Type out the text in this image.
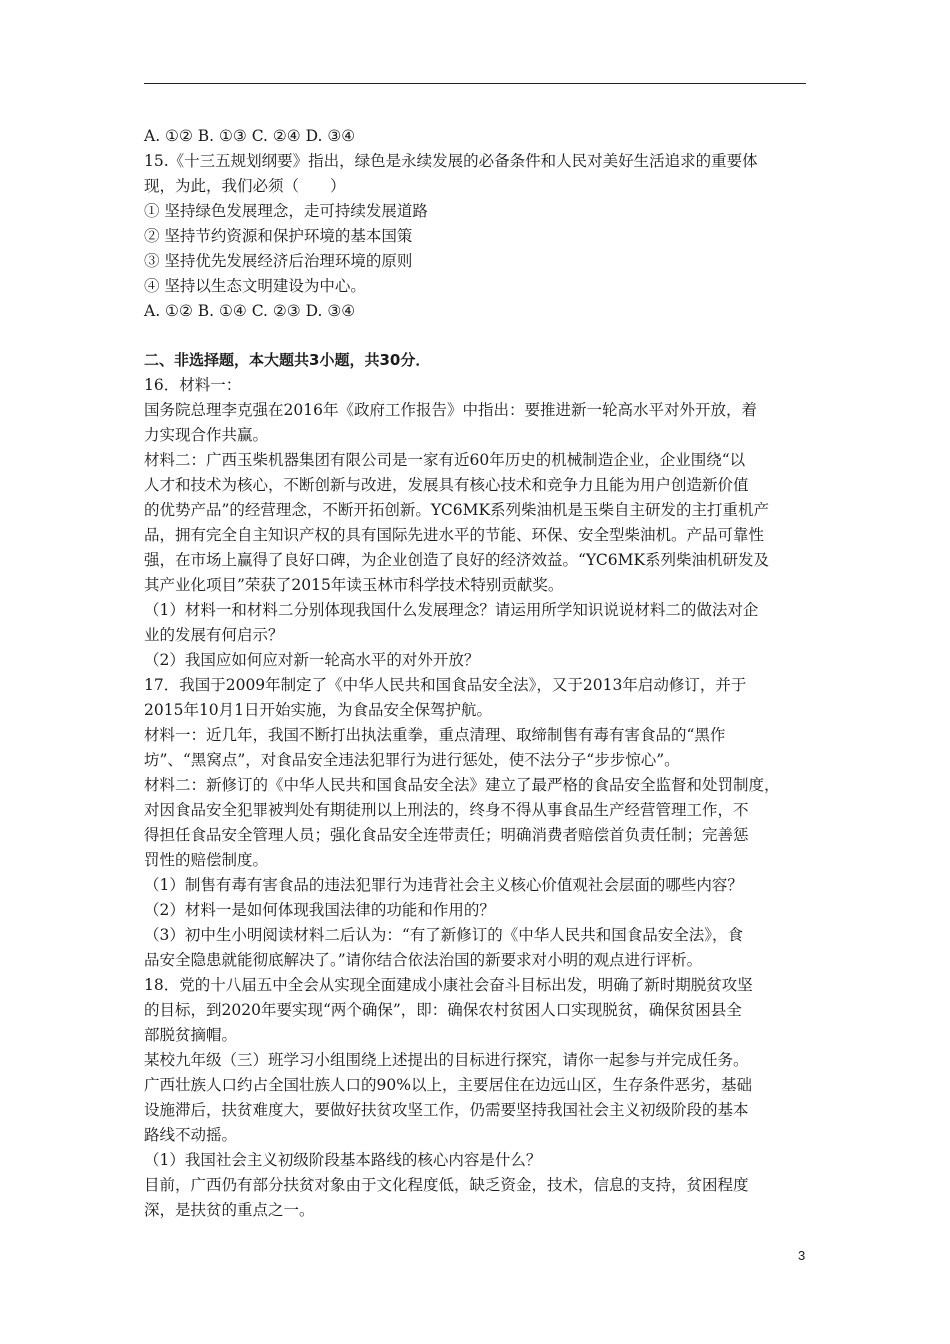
A. ①② B. ①③ C. ②④ D. ③④
15.《十三五规划纲要》指出，绿色是永续发展的必备条件和人民对美好生活追求的重要体
现，为此，我们必须（　　）
① 坚持绿色发展理念，走可持续发展道路
② 坚持节约资源和保护环境的基本国策
③ 坚持优先发展经济后治理环境的原则
④ 坚持以生态文明建设为中心。
A. ①② B. ①④ C. ②③ D. ③④
二、非选择题，本大题共3小题，共30分．
16．材料一：
国务院总理李克强在2016年《政府工作报告》中指出：要推进新一轮高水平对外开放，着
力实现合作共赢。
材料二：广西玉柴机器集团有限公司是一家有近60年历史的机械制造企业，企业围绕“以
人才和技术为核心，不断创新与改进，发展具有核心技术和竞争力且能为用户创造新价值
的优势产品”的经营理念，不断开拓创新。YC6MK系列柴油机是玉柴自主研发的主打重机产
品，拥有完全自主知识产权的具有国际先进水平的节能、环保、安全型柴油机。产品可靠性
强，在市场上赢得了良好口碑，为企业创造了良好的经济效益。“YC6MK系列柴油机研发及
其产业化项目”荣获了2015年读玉林市科学技术特别贡献奖。
（1）材料一和材料二分别体现我国什么发展理念？请运用所学知识说说材料二的做法对企
业的发展有何启示？
（2）我国应如何应对新一轮高水平的对外开放？
17．我国于2009年制定了《中华人民共和国食品安全法》，又于2013年启动修订，并于
2015年10月1日开始实施，为食品安全保驾护航。
材料一：近几年，我国不断打出执法重拳，重点清理、取缔制售有毒有害食品的“黑作
坊”、“黑窝点”，对食品安全违法犯罪行为进行惩处，使不法分子“步步惊心”。
材料二：新修订的《中华人民共和国食品安全法》建立了最严格的食品安全监督和处罚制度，
对因食品安全犯罪被判处有期徒刑以上刑法的，终身不得从事食品生产经营管理工作，不
得担任食品安全管理人员；强化食品安全连带责任；明确消费者赔偿首负责任制；完善惩
罚性的赔偿制度。
（1）制售有毒有害食品的违法犯罪行为违背社会主义核心价值观社会层面的哪些内容？
（2）材料一是如何体现我国法律的功能和作用的？
（3）初中生小明阅读材料二后认为：“有了新修订的《中华人民共和国食品安全法》，食
品安全隐患就能彻底解决了。”请你结合依法治国的新要求对小明的观点进行评析。
18．党的十八届五中全会从实现全面建成小康社会奋斗目标出发，明确了新时期脱贫攻坚
的目标，到2020年要实现“两个确保”，即：确保农村贫困人口实现脱贫，确保贫困县全
部脱贫摘帽。
某校九年级（三）班学习小组围绕上述提出的目标进行探究，请你一起参与并完成任务。
广西壮族人口约占全国壮族人口的90%以上，主要居住在边远山区，生存条件恶劣，基础
设施滞后，扶贫难度大，要做好扶贫攻坚工作，仍需要坚持我国社会主义初级阶段的基本
路线不动摇。
（1）我国社会主义初级阶段基本路线的核心内容是什么？
目前，广西仍有部分扶贫对象由于文化程度低，缺乏资金，技术，信息的支持，贫困程度
深，是扶贫的重点之一。
3
